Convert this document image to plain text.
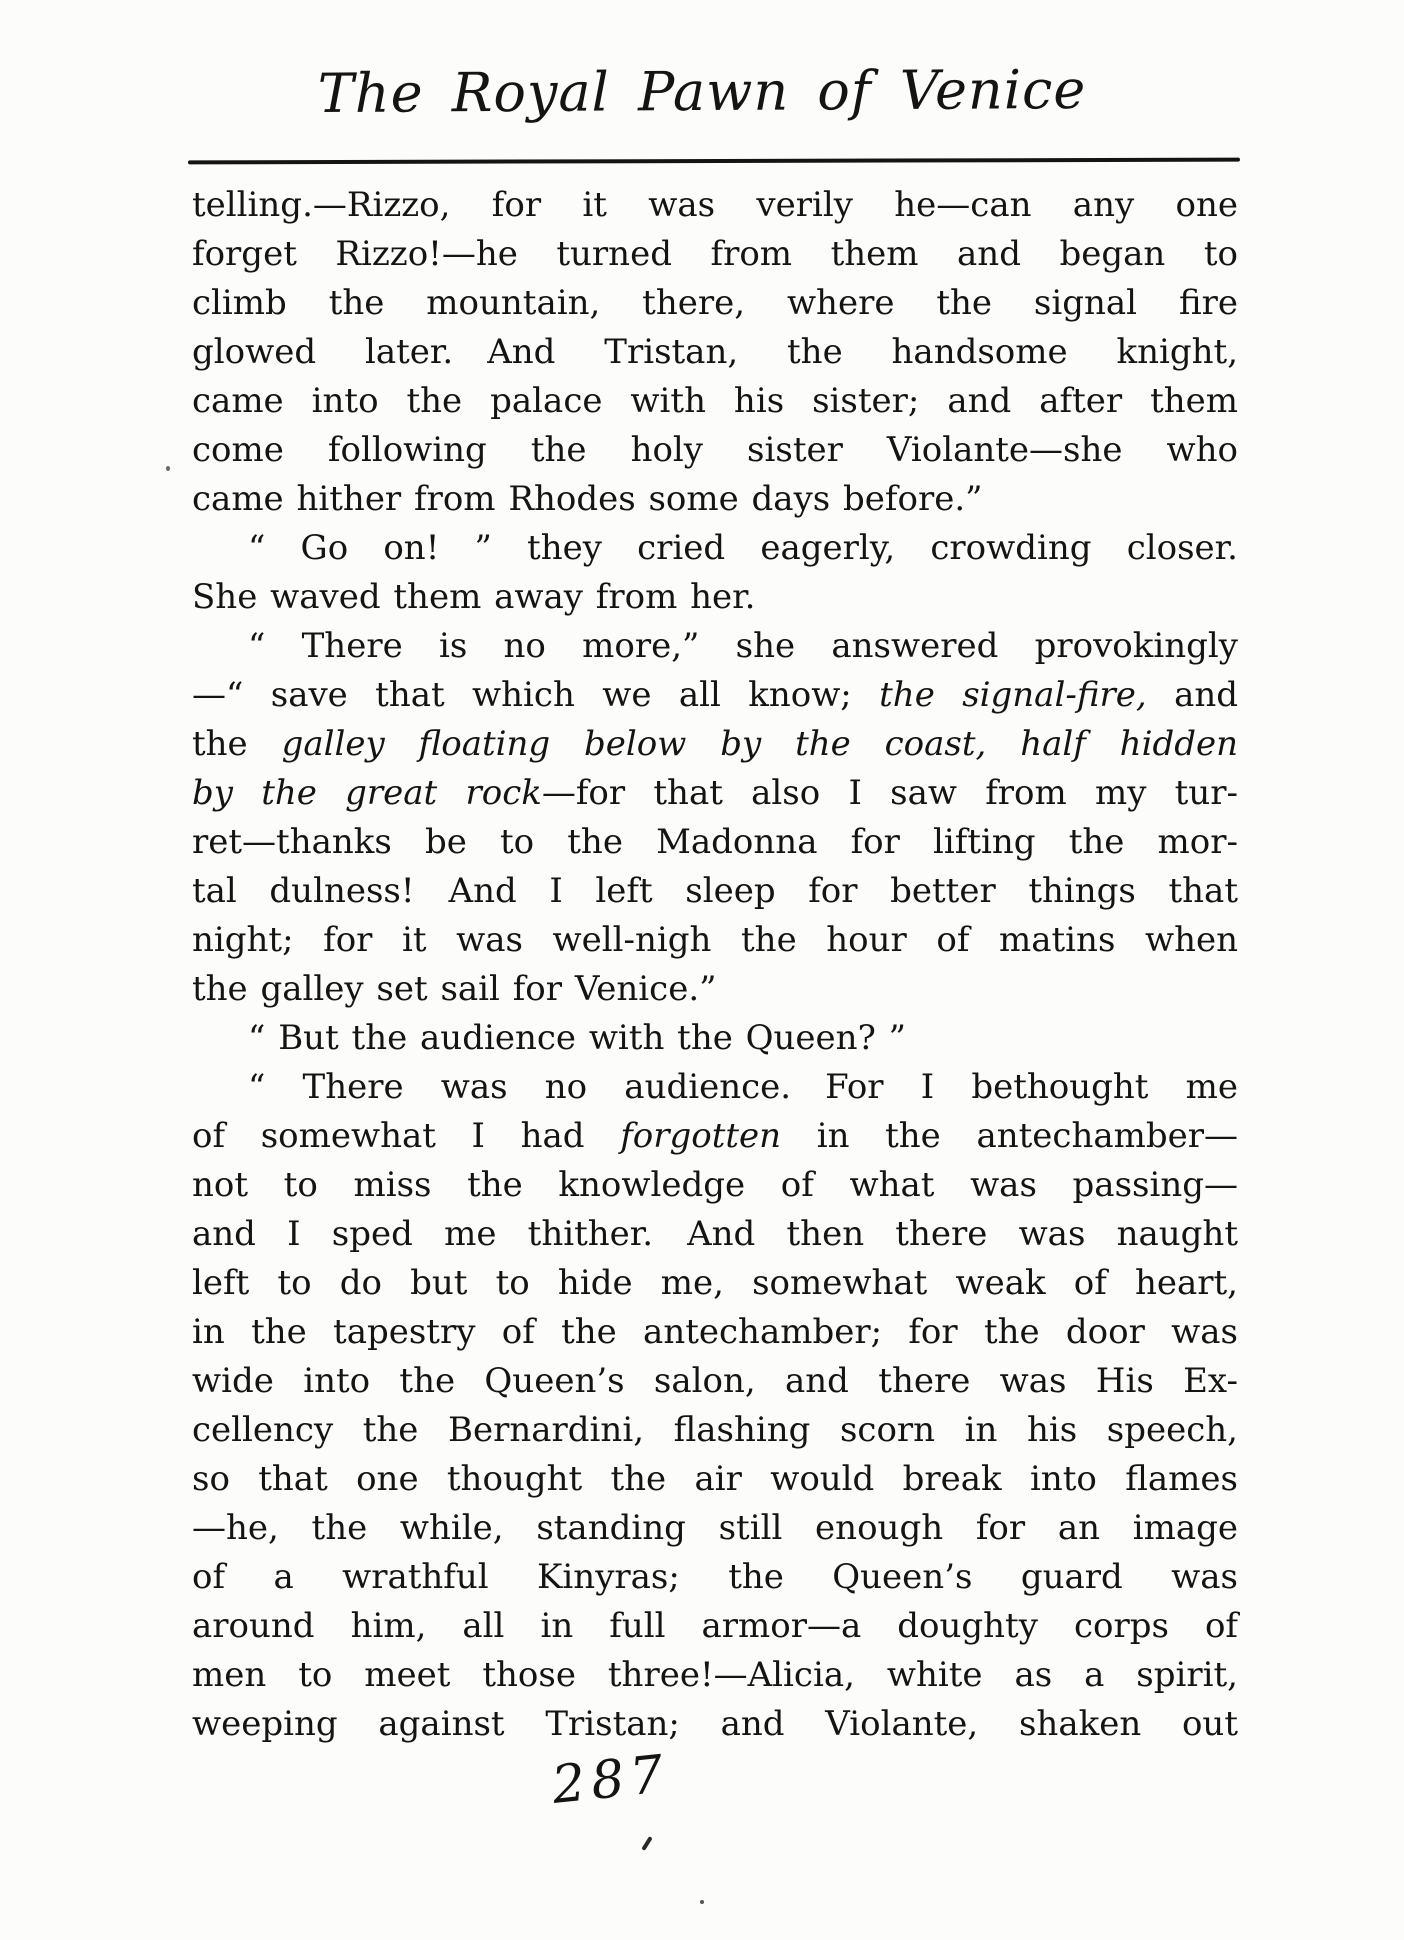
The Royal Pawn of Venice
telling.—Rizzo, for it was verily he—can any one
forget Rizzo!—he turned from them and began to
climb the mountain, there, where the signal fire
glowed later. And Tristan, the handsome knight,
came into the palace with his sister; and after them
come following the holy sister Violante—she who
came hither from Rhodes some days before.”
“ Go on! ” they cried eagerly, crowding closer.
She waved them away from her.
“ There is no more,” she answered provokingly
—“ save that which we all know; the signal-fire, and
the galley floating below by the coast, half hidden
by the great rock—for that also I saw from my tur-
ret—thanks be to the Madonna for lifting the mor-
tal dulness! And I left sleep for better things that
night; for it was well-nigh the hour of matins when
the galley set sail for Venice.”
“ But the audience with the Queen? ”
“ There was no audience. For I bethought me
of somewhat I had forgotten in the antechamber—
not to miss the knowledge of what was passing—
and I sped me thither. And then there was naught
left to do but to hide me, somewhat weak of heart,
in the tapestry of the antechamber; for the door was
wide into the Queen’s salon, and there was His Ex-
cellency the Bernardini, flashing scorn in his speech,
so that one thought the air would break into flames
—he, the while, standing still enough for an image
of a wrathful Kinyras; the Queen’s guard was
around him, all in full armor—a doughty corps of
men to meet those three!—Alicia, white as a spirit,
weeping against Tristan; and Violante, shaken out
287
